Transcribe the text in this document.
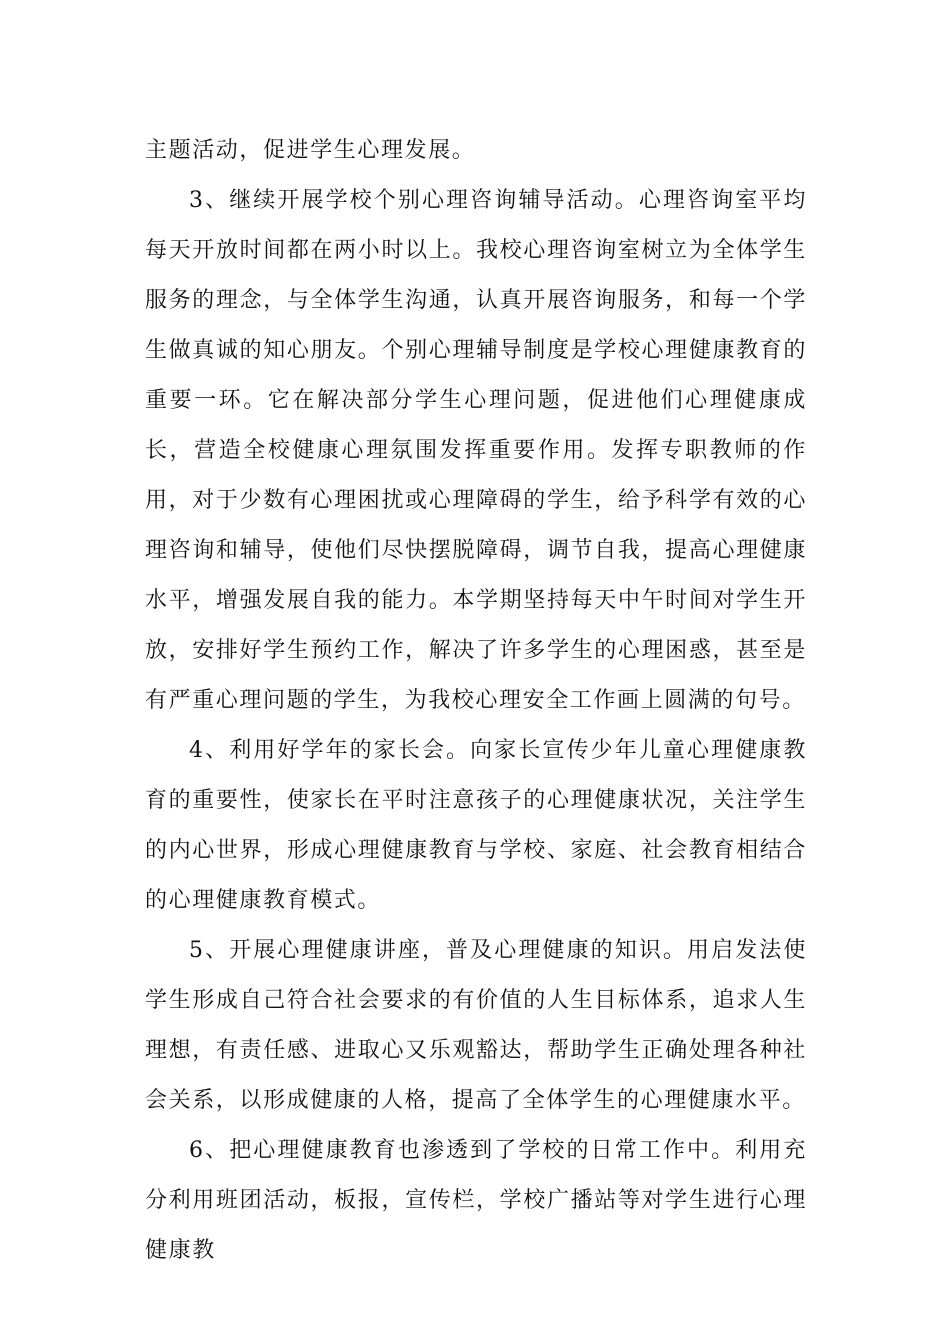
主题活动，促进学生心理发展。

3、继续开展学校个别心理咨询辅导活动。心理咨询室平均每天开放时间都在两小时以上。我校心理咨询室树立为全体学生服务的理念，与全体学生沟通，认真开展咨询服务，和每一个学生做真诚的知心朋友。个别心理辅导制度是学校心理健康教育的重要一环。它在解决部分学生心理问题，促进他们心理健康成长，营造全校健康心理氛围发挥重要作用。发挥专职教师的作用，对于少数有心理困扰或心理障碍的学生，给予科学有效的心理咨询和辅导，使他们尽快摆脱障碍，调节自我，提高心理健康水平，增强发展自我的能力。本学期坚持每天中午时间对学生开放，安排好学生预约工作，解决了许多学生的心理困惑，甚至是有严重心理问题的学生，为我校心理安全工作画上圆满的句号。

4、利用好学年的家长会。向家长宣传少年儿童心理健康教育的重要性，使家长在平时注意孩子的心理健康状况，关注学生的内心世界，形成心理健康教育与学校、家庭、社会教育相结合的心理健康教育模式。

5、开展心理健康讲座，普及心理健康的知识。用启发法使学生形成自己符合社会要求的有价值的人生目标体系，追求人生理想，有责任感、进取心又乐观豁达，帮助学生正确处理各种社会关系，以形成健康的人格，提高了全体学生的心理健康水平。

6、把心理健康教育也渗透到了学校的日常工作中。利用充分利用班团活动，板报，宣传栏，学校广播站等对学生进行心理健康教
